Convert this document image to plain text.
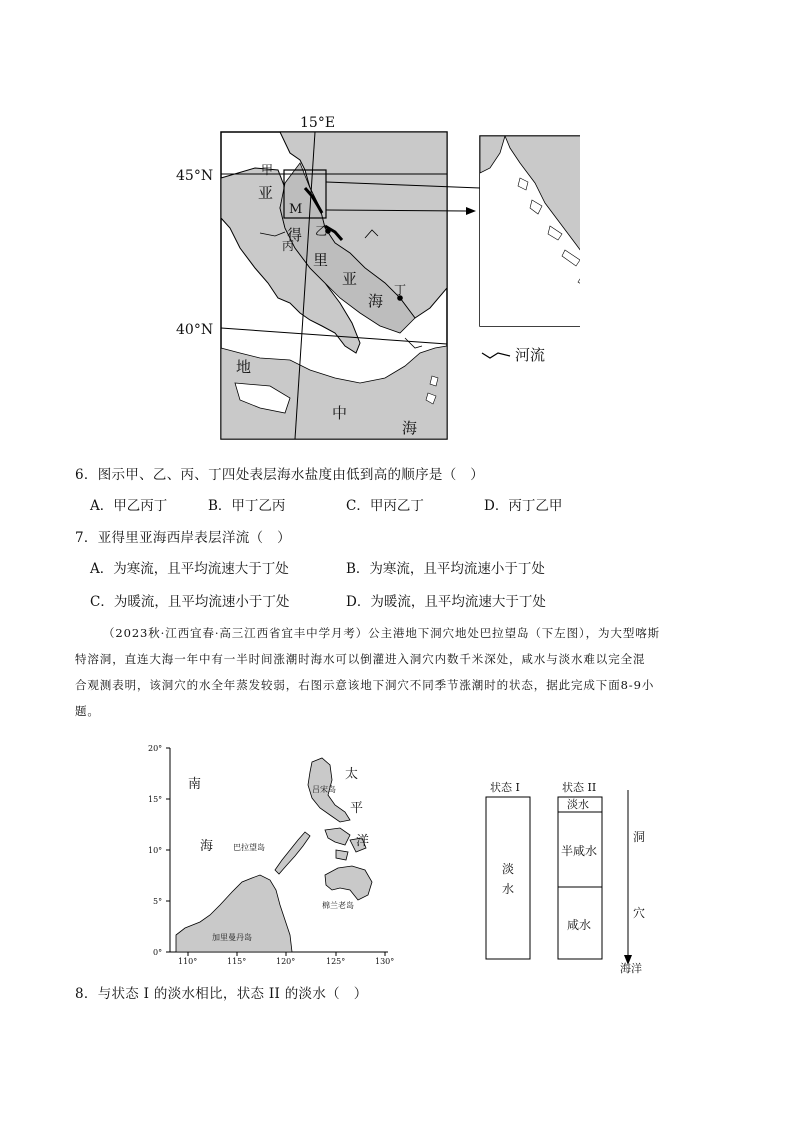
15°E
45°N
40°N
甲
乙
丙
丁
M
亚
得
里
亚
海
地
中
海
河流
6．图示甲、乙、丙、丁四处表层海水盐度由低到高的顺序是（　）
A．甲乙丙丁	B．甲丁乙丙	C．甲丙乙丁	D．丙丁乙甲
7．亚得里亚海西岸表层洋流（　）
A．为寒流，且平均流速大于丁处	B．为寒流，且平均流速小于丁处
C．为暖流，且平均流速小于丁处	D．为暖流，且平均流速大于丁处
（2023秋·江西宜春·高三江西省宜丰中学月考）公主港地下洞穴地处巴拉望岛（下左图），为大型喀斯
特溶洞，直连大海一年中有一半时间涨潮时海水可以倒灌进入洞穴内数千米深处，咸水与淡水难以完全混
合观测表明，该洞穴的水全年蒸发较弱，右图示意该地下洞穴不同季节涨潮时的状态，据此完成下面8-9小
题。
20°
15°
10°
5°
0°
110°	115°	120°	125°	130°
南
海
太
平
洋
吕宋岛
巴拉望岛
棉兰老岛
加里曼丹岛
状态 I	状态 II
淡
水
淡水
半咸水
咸水
洞
穴
海洋
8．与状态 I 的淡水相比，状态 II 的淡水（　）
